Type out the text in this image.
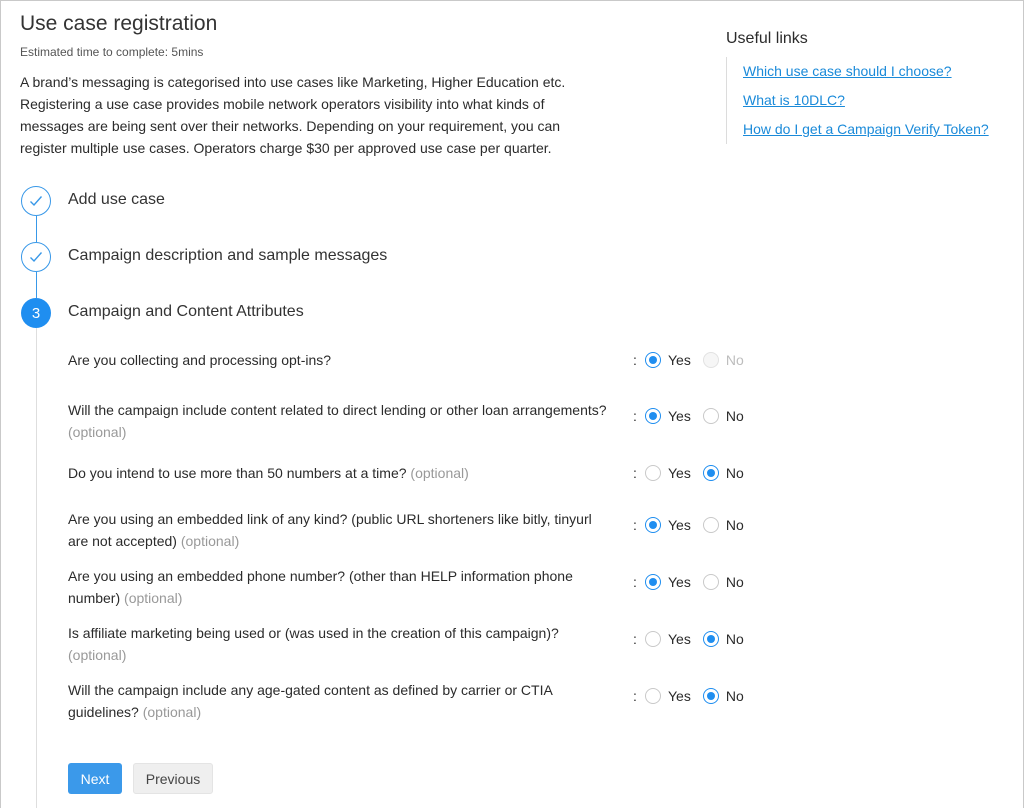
Use case registration
Estimated time to complete: 5mins
A brand’s messaging is categorised into use cases like Marketing, Higher Education etc. Registering a use case provides mobile network operators visibility into what kinds of messages are being sent over their networks. Depending on your requirement, you can register multiple use cases. Operators charge $30 per approved use case per quarter.
Useful links
Which use case should I choose?
What is 10DLC?
How do I get a Campaign Verify Token?
Add use case
Campaign description and sample messages
3	Campaign and Content Attributes
Are you collecting and processing opt-ins?	:	Yes	No
Will the campaign include content related to direct lending or other loan arrangements? (optional)
:	Yes	No
Do you intend to use more than 50 numbers at a time? (optional)	:	Yes	No
Are you using an embedded link of any kind? (public URL shorteners like bitly, tinyurl are not accepted) (optional)
:	Yes	No
Are you using an embedded phone number? (other than HELP information phone number) (optional)
:	Yes	No
Is affiliate marketing being used or (was used in the creation of this campaign)?(optional)
:	Yes	No
Will the campaign include any age-gated content as defined by carrier or CTIA guidelines? (optional)
:	Yes	No
Next	Previous
